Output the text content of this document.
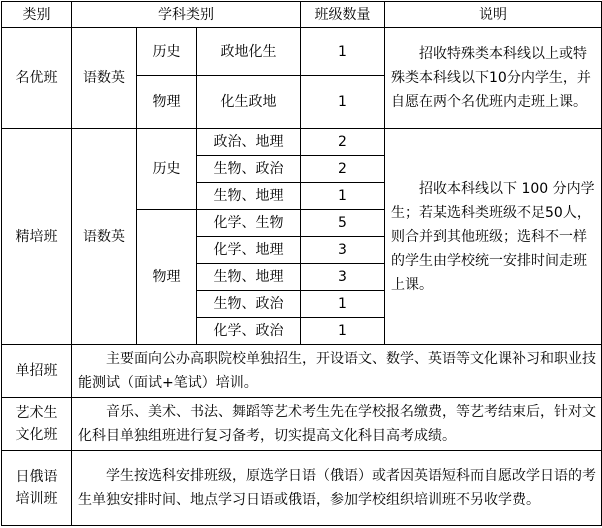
类别	学科类别			班级数量	说明
名优班	语数英	历史	政地化生	1	招收特殊类本科线以上或特殊类本科线以下10分内学生，并自愿在两个名优班内走班上课。

		物理	化生政地	1	
精培班	语数英	历史	政治、地理	2	招收本科线以下 100 分内学生；若某选科类班级不足50人，则合并到其他班级；选科不一样的学生由学校统一安排时间走班上课。

			生物、政治	2	
			生物、地理	1	
		物理	化学、生物	5	
			化学、地理	3	
			生物、地理	3	
			生物、政治	1	
			化学、政治	1	
单招班	主要面向公办高职院校单独招生，开设语文、数学、英语等文化课补习和职业技能测试（面试+笔试）培训。				

艺术生
文化班	音乐、美术、书法、舞蹈等艺术考生先在学校报名缴费，等艺考结束后，针对文化科目单独组班进行复习备考，切实提高文化科目高考成绩。				

日俄语
培训班	学生按选科安排班级，原选学日语（俄语）或者因英语短科而自愿改学日语的考生单独安排时间、地点学习日语或俄语，参加学校组织培训班不另收学费。				
